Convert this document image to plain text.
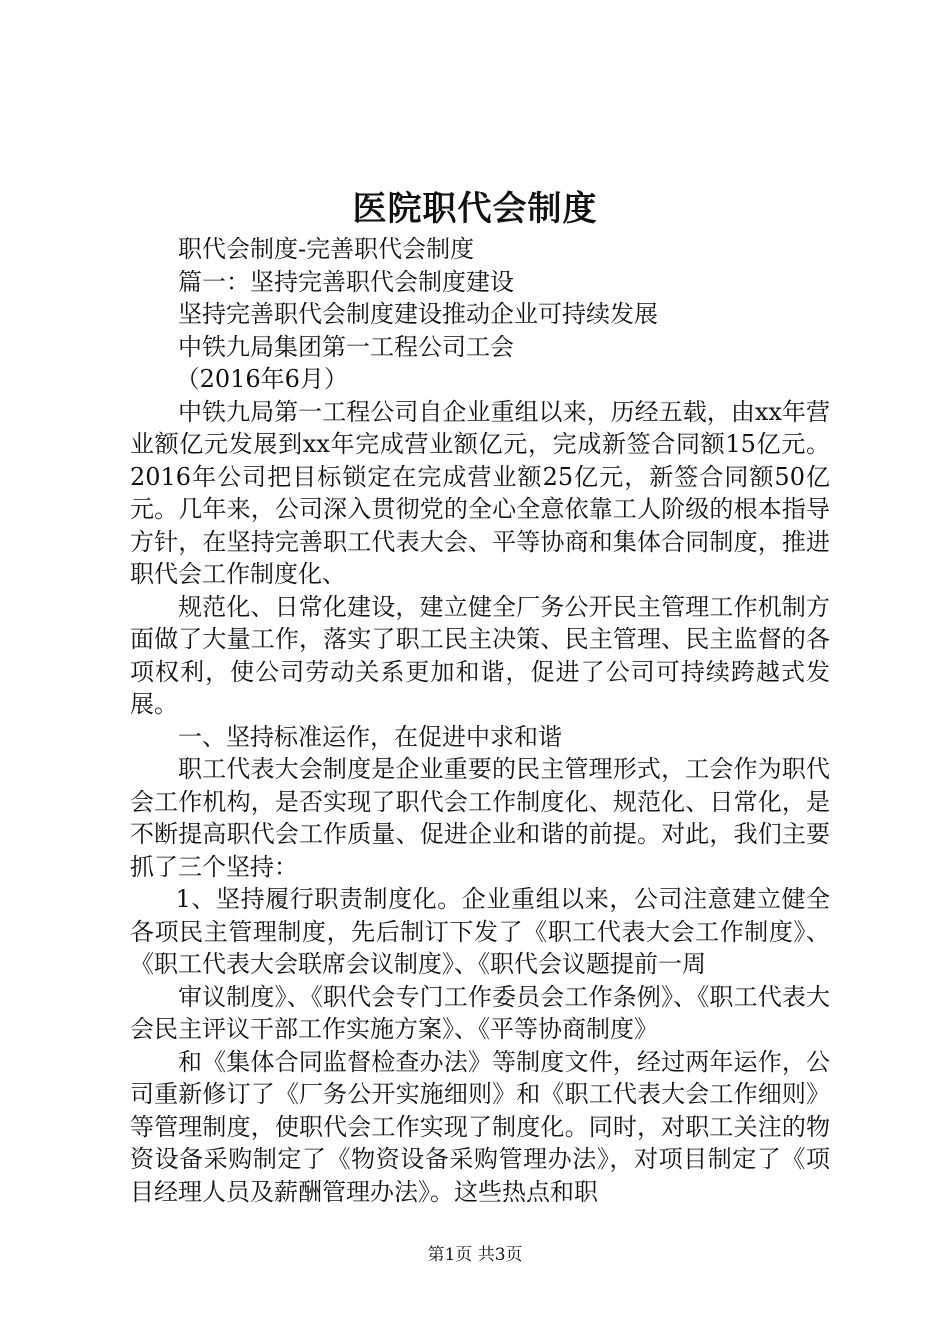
医院职代会制度

职代会制度-完善职代会制度

篇一：坚持完善职代会制度建设

坚持完善职代会制度建设推动企业可持续发展

中铁九局集团第一工程公司工会

（2016年6月）

中铁九局第一工程公司自企业重组以来，历经五载，由xx年营业额亿元发展到xx年完成营业额亿元，完成新签合同额15亿元。2016年公司把目标锁定在完成营业额25亿元，新签合同额50亿元。几年来，公司深入贯彻党的全心全意依靠工人阶级的根本指导方针，在坚持完善职工代表大会、平等协商和集体合同制度，推进职代会工作制度化、

规范化、日常化建设，建立健全厂务公开民主管理工作机制方面做了大量工作，落实了职工民主决策、民主管理、民主监督的各项权利，使公司劳动关系更加和谐，促进了公司可持续跨越式发展。

一、坚持标准运作，在促进中求和谐

职工代表大会制度是企业重要的民主管理形式，工会作为职代会工作机构，是否实现了职代会工作制度化、规范化、日常化，是不断提高职代会工作质量、促进企业和谐的前提。对此，我们主要抓了三个坚持：

1、坚持履行职责制度化。企业重组以来，公司注意建立健全各项民主管理制度，先后制订下发了《职工代表大会工作制度》、《职工代表大会联席会议制度》、《职代会议题提前一周

审议制度》、《职代会专门工作委员会工作条例》、《职工代表大会民主评议干部工作实施方案》、《平等协商制度》

和《集体合同监督检查办法》等制度文件，经过两年运作，公司重新修订了《厂务公开实施细则》和《职工代表大会工作细则》等管理制度，使职代会工作实现了制度化。同时，对职工关注的物资设备采购制定了《物资设备采购管理办法》，对项目制定了《项目经理人员及薪酬管理办法》。这些热点和职

第1页 共3页
